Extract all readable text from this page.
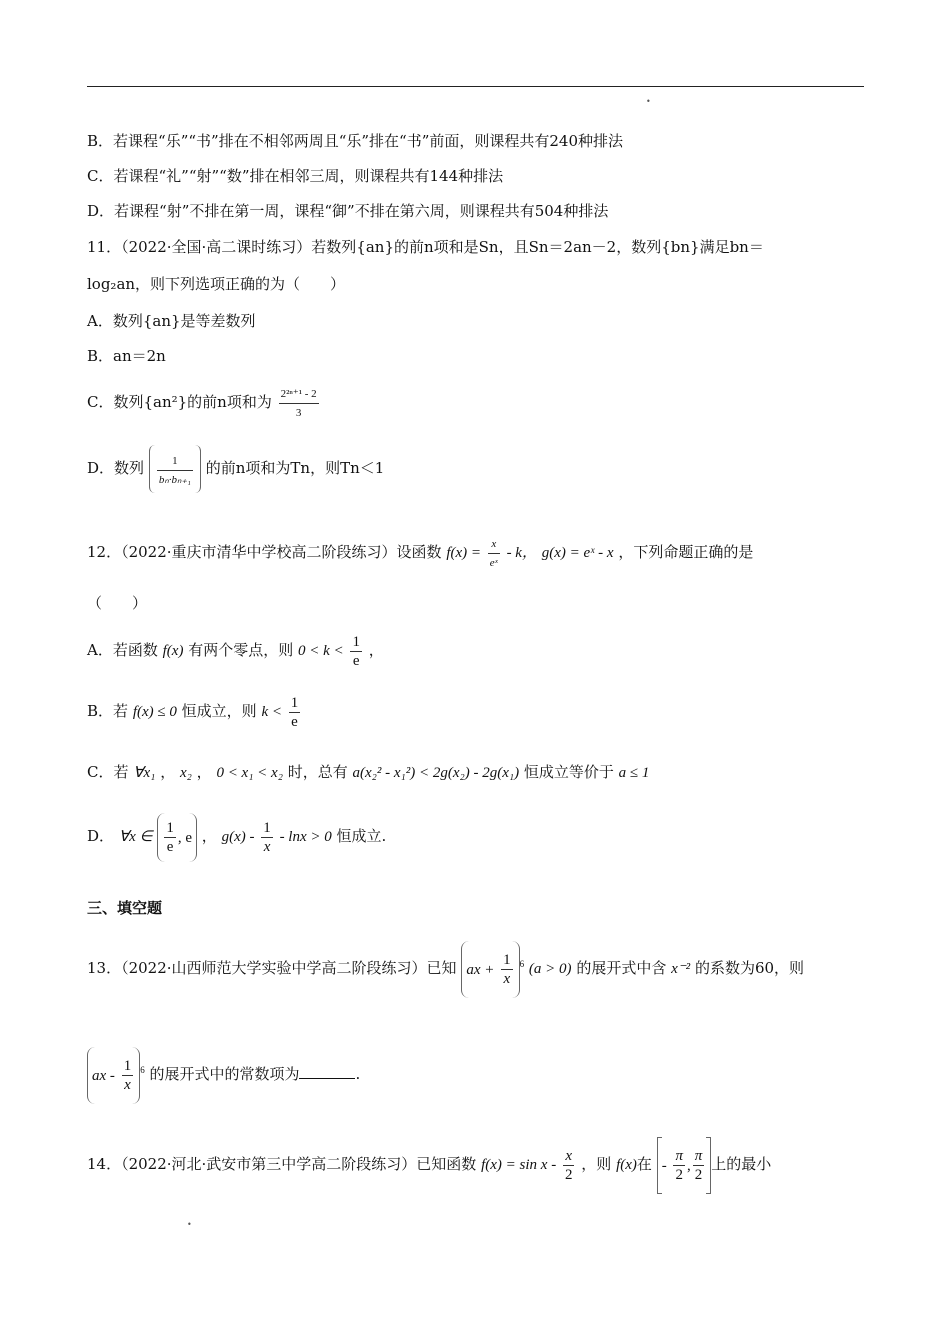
•
B．若课程“乐”“书”排在不相邻两周且“乐”排在“书”前面，则课程共有240种排法
C．若课程“礼”“射”“数”排在相邻三周，则课程共有144种排法
D．若课程“射”不排在第一周，课程“御”不排在第六周，则课程共有504种排法
11．（2022·全国·高二课时练习）若数列{an}的前n项和是Sn，且Sn＝2an－2，数列{bn}满足bn＝
log₂an，则下列选项正确的为（　　）
A．数列{an}是等差数列
B．an＝2n
C．数列{an²}的前n项和为 $\frac{\text{2²ⁿ⁺¹ - 2}}{3}$
D．数列 $\frac{1}{\text{bₙ·bₙ₊₁}}$ 的前n项和为Tn，则Tn＜1
12．（2022·重庆市清华中学校高二阶段练习）设函数 $f(x) = \frac{x}{\text{eˣ}} - k$， g(x) = eˣ - x ，下列命题正确的是
（　　）
A．若函数 f(x) 有两个零点，则 $0 < k < \frac{1}{e}$ ，
B．若 f(x) ≤ 0 恒成立，则 $k < \frac{1}{e}$
C．若 ∀x₁ ， x₂ ， 0 < x₁ < x₂ 时，总有 a(x₂² - x₁²) < 2g(x₂) - 2g(x₁) 恒成立等价于 a ≤ 1
D． ∀x ∈ $\frac{1}{e}$ , e ， $g(x) - \frac{1}{x} - \ln x > 0$ 恒成立.
三、填空题
13．（2022·山西师范大学实验中学高二阶段练习）已知 ax + $\frac{1}{x} ^6$ (a > 0) 的展开式中含 x⁻² 的系数为60，则
ax - $\frac{1}{x} ^6$ 的展开式中的常数项为	.
14．（2022·河北·武安市第三中学高二阶段练习）已知函数 $f(x) = \sin x - \frac{x}{2}$ ，则 f(x)在 - $\frac{\pi}{2}$ , $\frac{\pi}{2}$ 上的最小
•
